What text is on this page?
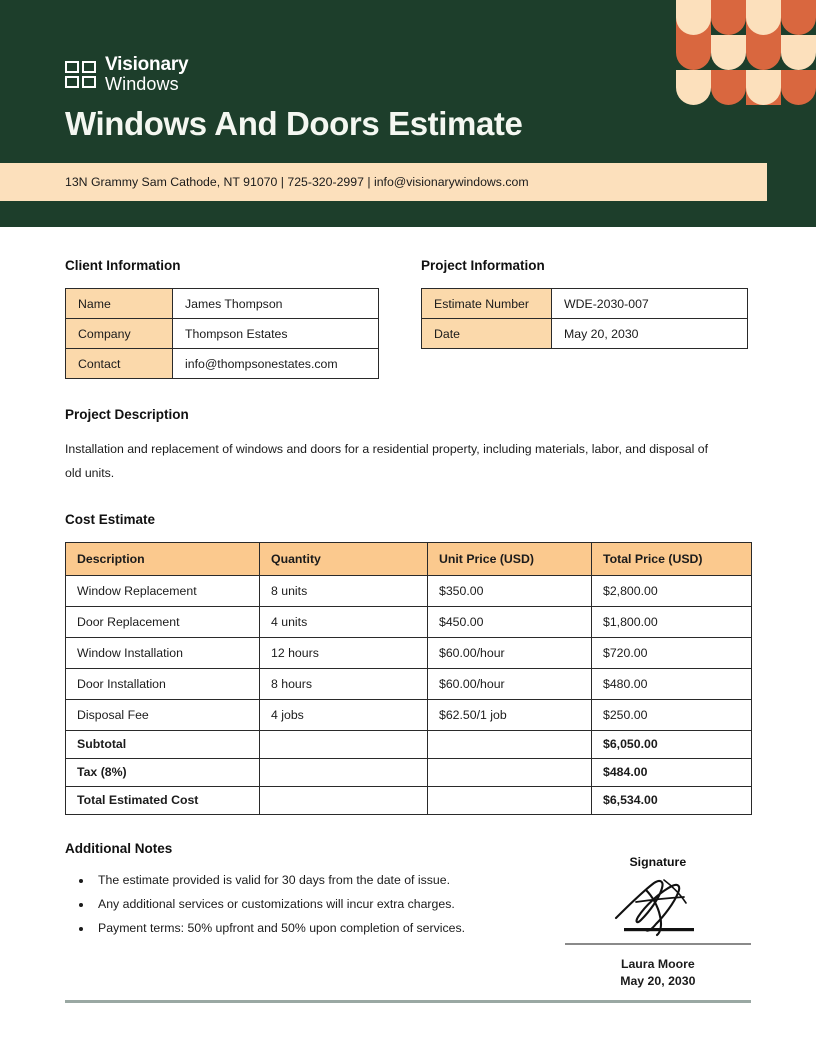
Visionary
Windows
Windows And Doors Estimate
13N Grammy Sam Cathode, NT 91070 | 725-320-2997 | info@visionarywindows.com
Client Information
Name	James Thompson
Company	Thompson Estates
Contact	info@thompsonestates.com
Project Information
Estimate Number	WDE-2030-007
Date	May 20, 2030
Project Description
Installation and replacement of windows and doors for a residential property, including materials, labor, and disposal of old units.
Cost Estimate
Description	Quantity	Unit Price (USD)	Total Price (USD)
Window Replacement	8 units	$350.00	$2,800.00
Door Replacement	4 units	$450.00	$1,800.00
Window Installation	12 hours	$60.00/hour	$720.00
Door Installation	8 hours	$60.00/hour	$480.00
Disposal Fee	4 jobs	$62.50/1 job	$250.00
Subtotal			$6,050.00
Tax (8%)			$484.00
Total Estimated Cost			$6,534.00
Additional Notes
• The estimate provided is valid for 30 days from the date of issue.
• Any additional services or customizations will incur extra charges.
• Payment terms: 50% upfront and 50% upon completion of services.
Signature
Laura Moore
May 20, 2030
